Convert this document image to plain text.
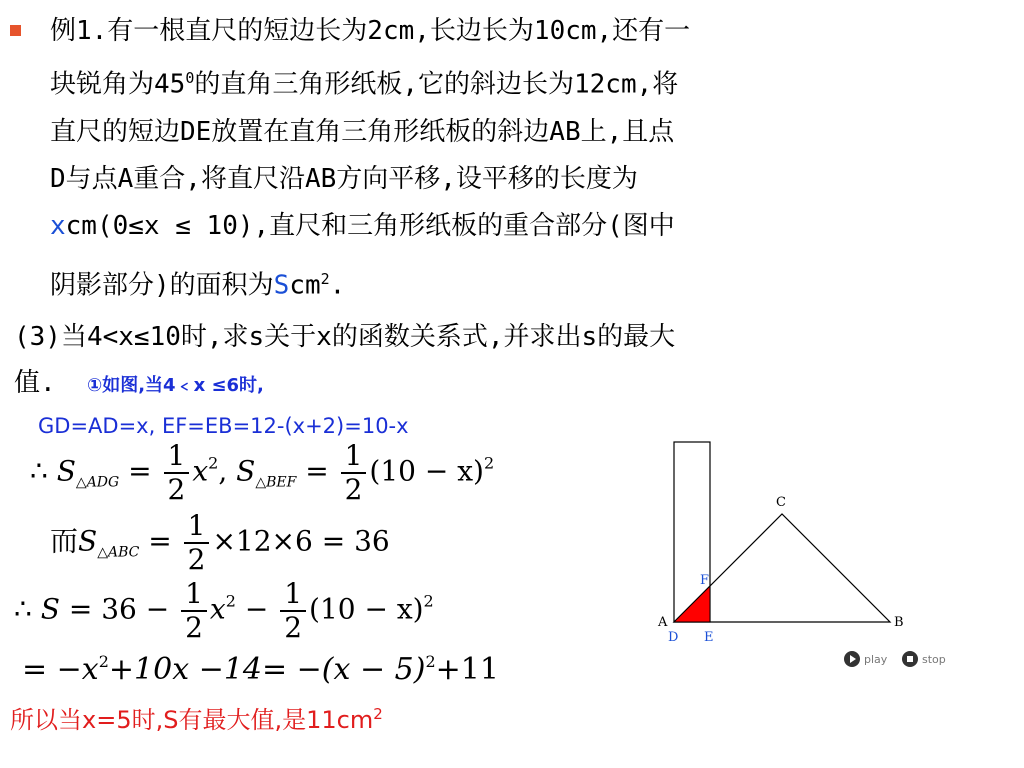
例1.有一根直尺的短边长为2cm,长边长为10cm,还有一
块锐角为$45^0$的直角三角形纸板,它的斜边长为12cm,将
直尺的短边DE放置在直角三角形纸板的斜边AB上,且点
D与点A重合,将直尺沿AB方向平移,设平移的长度为
xcm(0≤x ≤ 10),直尺和三角形纸板的重合部分(图中
阴影部分)的面积为Scm$^2$.
(3)当4<x≤10时,求s关于x的函数关系式,并求出s的最大
值. ①如图,当4﹤x ≤6时,
GD=AD=x, EF=EB=12-(x+2)=10-x
∴ $S_{\triangle ADG} = \frac{1}{2} x^2$, $S_{\triangle BEF} = \frac{1}{2} (10 - x)^2$
而$S_{\triangle ABC} = \frac{1}{2} \times 12\times 6 = 36$
∴ $S = 36 - \frac{1}{2} x^2 - \frac{1}{2} (10 - x)^2$
= $-x^2+10x -14= -(x - 5)^2+11$
所以当x=5时,S有最大值,是$11cm^2$
A	B
C
D E
F
play	stop
